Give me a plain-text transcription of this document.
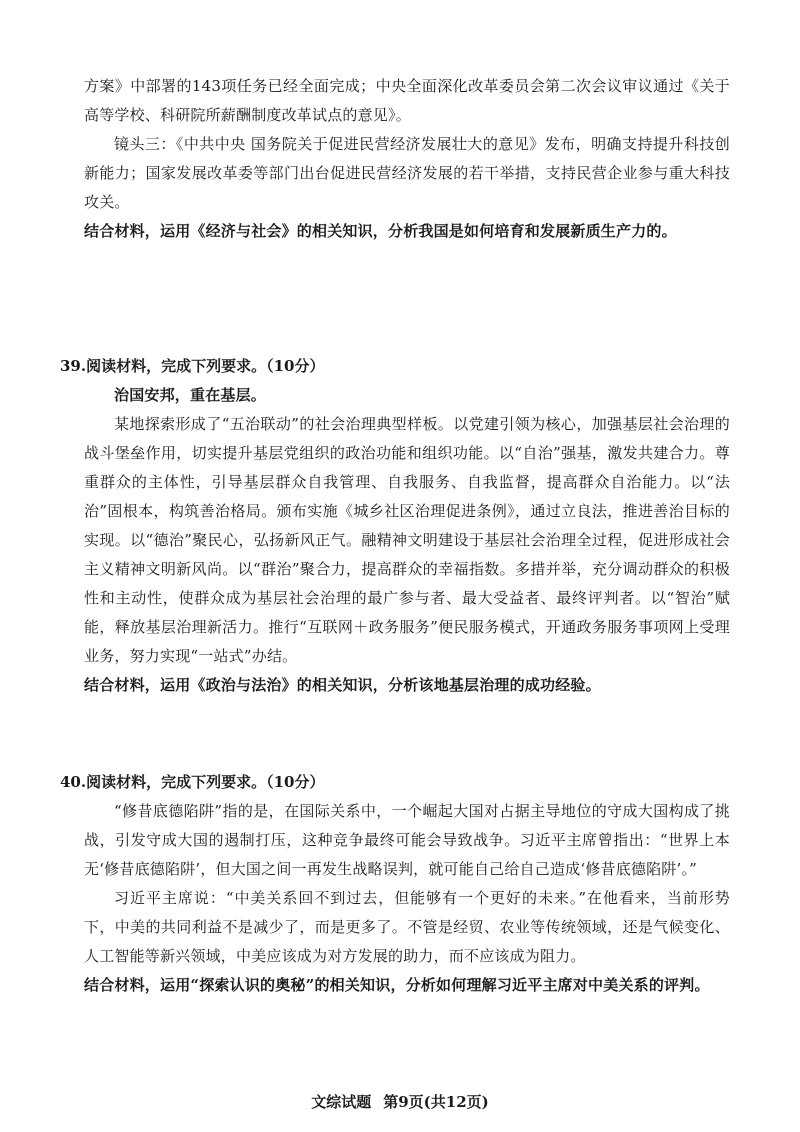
方案》中部署的143项任务已经全面完成；中央全面深化改革委员会第二次会议审议通过《关于高等学校、科研院所薪酬制度改革试点的意见》。

镜头三：《中共中央 国务院关于促进民营经济发展壮大的意见》发布，明确支持提升科技创新能力；国家发展改革委等部门出台促进民营经济发展的若干举措，支持民营企业参与重大科技攻关。

结合材料，运用《经济与社会》的相关知识，分析我国是如何培育和发展新质生产力的。

39.阅读材料，完成下列要求。（10分）

治国安邦，重在基层。

某地探索形成了“五治联动”的社会治理典型样板。以党建引领为核心，加强基层社会治理的战斗堡垒作用，切实提升基层党组织的政治功能和组织功能。以“自治”强基，激发共建合力。尊重群众的主体性，引导基层群众自我管理、自我服务、自我监督，提高群众自治能力。以“法治”固根本，构筑善治格局。颁布实施《城乡社区治理促进条例》，通过立良法，推进善治目标的实现。以“德治”聚民心，弘扬新风正气。融精神文明建设于基层社会治理全过程，促进形成社会主义精神文明新风尚。以“群治”聚合力，提高群众的幸福指数。多措并举，充分调动群众的积极性和主动性，使群众成为基层社会治理的最广参与者、最大受益者、最终评判者。以“智治”赋能，释放基层治理新活力。推行“互联网＋政务服务”便民服务模式，开通政务服务事项网上受理业务，努力实现“一站式”办结。

结合材料，运用《政治与法治》的相关知识，分析该地基层治理的成功经验。

40.阅读材料，完成下列要求。（10分）

“修昔底德陷阱”指的是，在国际关系中，一个崛起大国对占据主导地位的守成大国构成了挑战，引发守成大国的遏制打压，这种竞争最终可能会导致战争。习近平主席曾指出：“世界上本无‘修昔底德陷阱’，但大国之间一再发生战略误判，就可能自己给自己造成‘修昔底德陷阱’。”

习近平主席说：“中美关系回不到过去，但能够有一个更好的未来。”在他看来，当前形势下，中美的共同利益不是减少了，而是更多了。不管是经贸、农业等传统领域，还是气候变化、人工智能等新兴领域，中美应该成为对方发展的助力，而不应该成为阻力。

结合材料，运用“探索认识的奥秘”的相关知识，分析如何理解习近平主席对中美关系的评判。

文综试题 第9页(共12页)
